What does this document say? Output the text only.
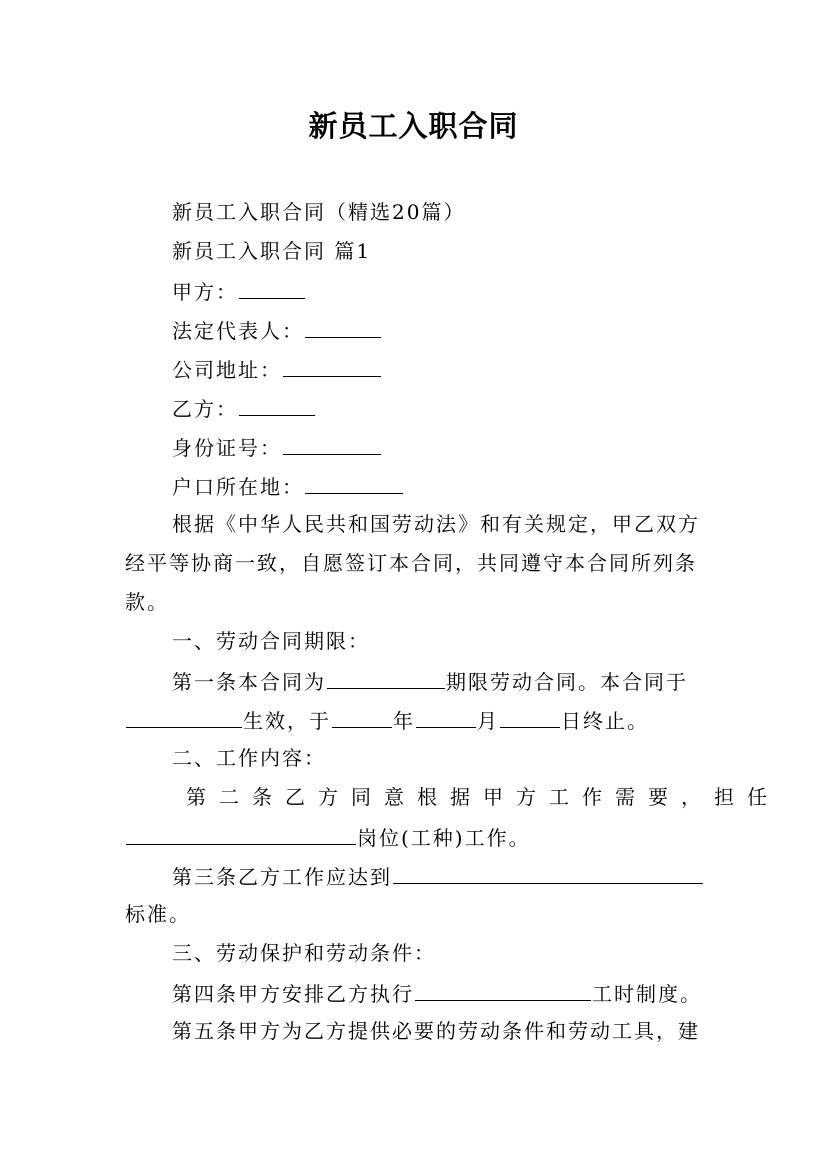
新员工入职合同
新员工入职合同（精选20篇）
新员工入职合同 篇1
甲方：
法定代表人：
公司地址：
乙方：
身份证号：
户口所在地：
根据《中华人民共和国劳动法》和有关规定，甲乙双方
经平等协商一致，自愿签订本合同，共同遵守本合同所列条
款。
一、劳动合同期限：
第一条本合同为	期限劳动合同。本合同于
生效，于	年	月	日终止。
二、工作内容：
第二条乙方同意根据甲方工作需要，担任
岗位(工种)工作。
第三条乙方工作应达到
标准。
三、劳动保护和劳动条件：
第四条甲方安排乙方执行	工时制度。
第五条甲方为乙方提供必要的劳动条件和劳动工具，建
